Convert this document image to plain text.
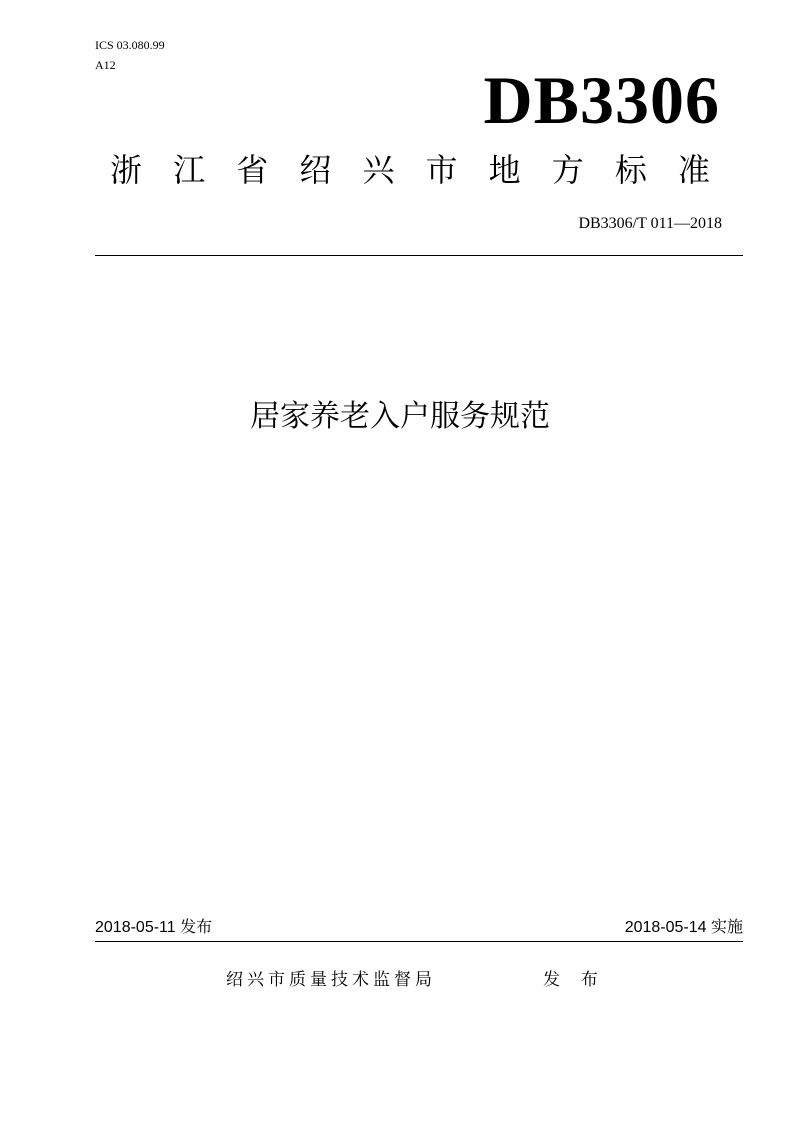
ICS 03.080.99
A12	DB3306
浙 江 省 绍 兴 市 地 方 标 准
DB3306/T 011—2018
居家养老入户服务规范
2018-05-11 发布	2018-05-14 实施
绍兴市质量技术监督局	发 布
